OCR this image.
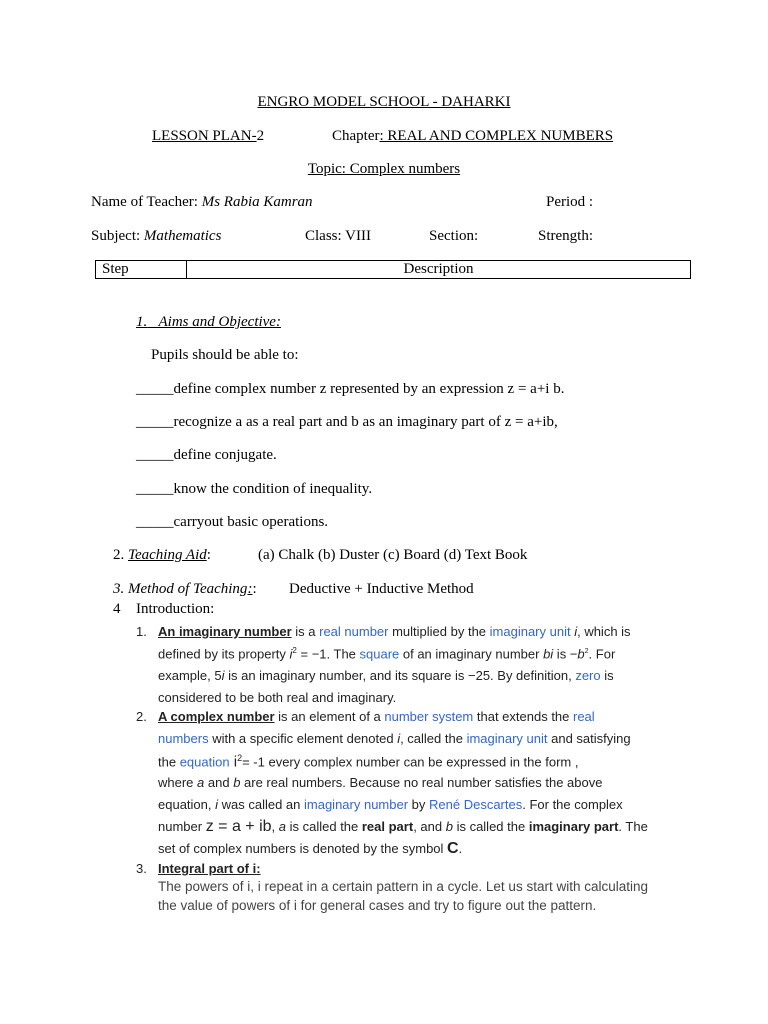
ENGRO MODEL SCHOOL - DAHARKI
LESSON PLAN-2	Chapter: REAL AND COMPLEX NUMBERS
Topic: Complex numbers
Name of Teacher: Ms Rabia Kamran	Period :
Subject: Mathematics	Class: VIII	Section:	Strength:
Step	Description
1. Aims and Objective:
Pupils should be able to:
_____define complex number z represented by an expression z = a+i b.
_____recognize a as a real part and b as an imaginary part of z = a+ib,
_____define conjugate.
_____know the condition of inequality.
_____carryout basic operations.
2. Teaching Aid:	(a) Chalk (b) Duster (c) Board (d) Text Book
3. Method of Teaching:: Deductive + Inductive Method
4 Introduction:
1. An imaginary number is a real number multiplied by the imaginary unit i, which is
defined by its property $i^2 = -1$. The square of an imaginary number bi is $-b^2$. For
example, 5i is an imaginary number, and its square is −25. By definition, zero is
considered to be both real and imaginary.
2. A complex number is an element of a number system that extends the real
numbers with a specific element denoted i, called the imaginary unit and satisfying
the equation $i^2= -1$ every complex number can be expressed in the form ,
where a and b are real numbers. Because no real number satisfies the above
equation, i was called an imaginary number by René Descartes. For the complex
number z = a + ib, a is called the real part, and b is called the imaginary part. The
set of complex numbers is denoted by the symbol C.
3. Integral part of i:
The powers of i, i repeat in a certain pattern in a cycle. Let us start with calculating
the value of powers of i for general cases and try to figure out the pattern.
